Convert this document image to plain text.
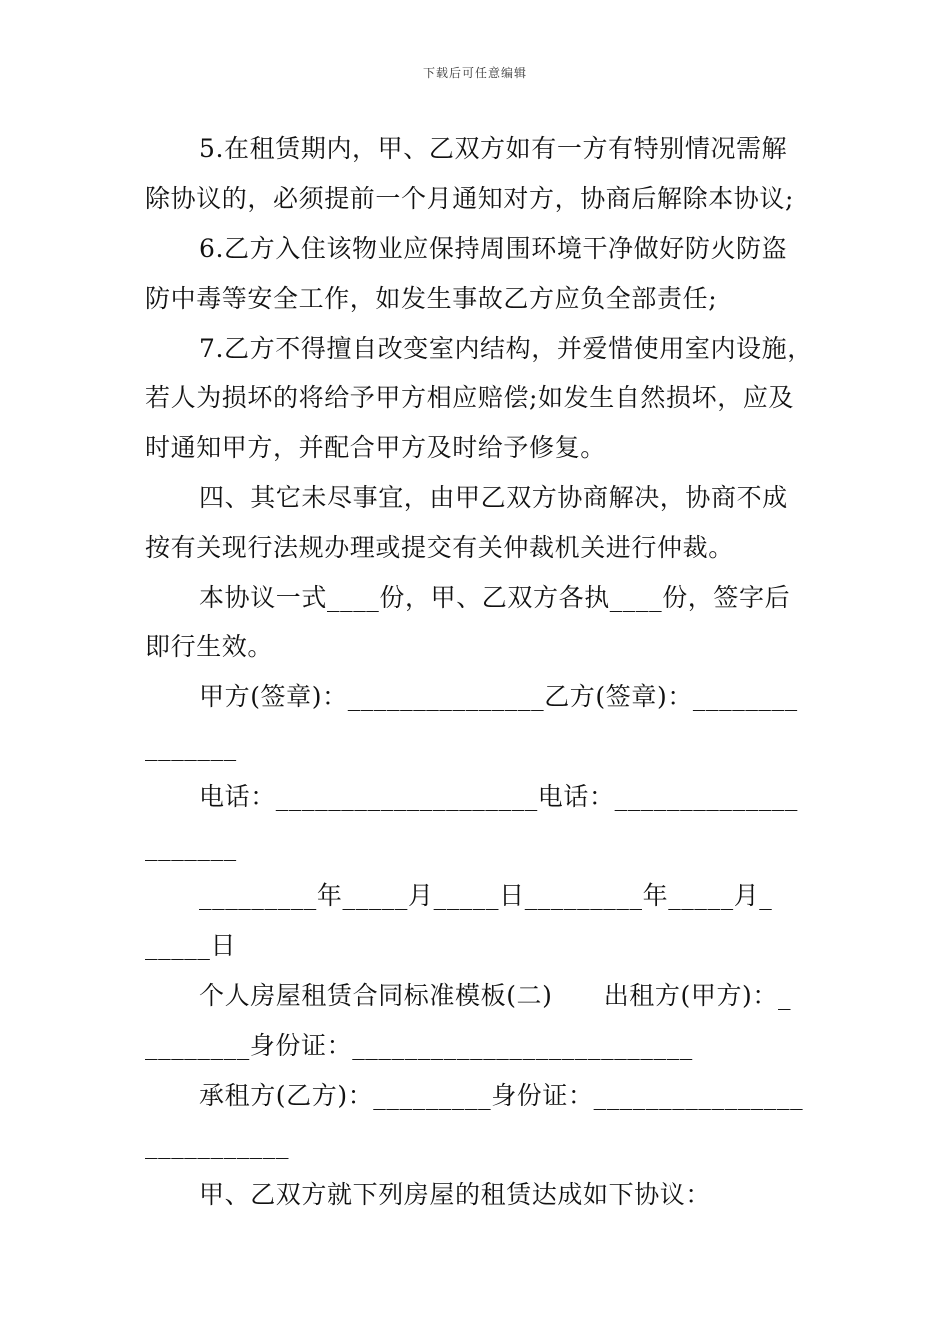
下载后可任意编辑
5.在租赁期内，甲、乙双方如有一方有特别情况需解
除协议的，必须提前一个月通知对方，协商后解除本协议;
6.乙方入住该物业应保持周围环境干净做好防火防盗
防中毒等安全工作，如发生事故乙方应负全部责任;
7.乙方不得擅自改变室内结构，并爱惜使用室内设施，
若人为损坏的将给予甲方相应赔偿;如发生自然损坏，应及
时通知甲方，并配合甲方及时给予修复。
四、其它未尽事宜，由甲乙双方协商解决，协商不成
按有关现行法规办理或提交有关仲裁机关进行仲裁。
本协议一式____份，甲、乙双方各执____份，签字后
即行生效。
甲方(签章)：_______________乙方(签章)：________
_______
电话：____________________电话：______________
_______
_________年_____月_____日_________年_____月_
_____日
个人房屋租赁合同标准模板(二)　　出租方(甲方)：_
________身份证：__________________________
承租方(乙方)：_________身份证：________________
___________
甲、乙双方就下列房屋的租赁达成如下协议：
